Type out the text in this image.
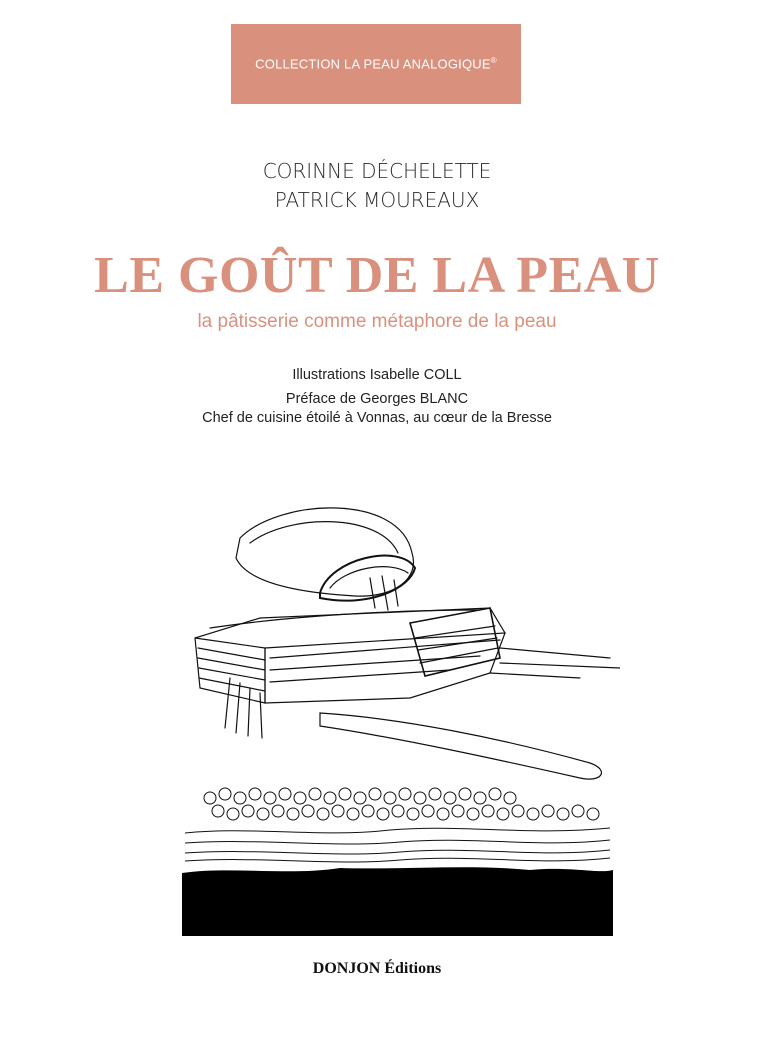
COLLECTION LA PEAU ANALOGIQUE®
CORINNE DÉCHELETTE
PATRICK MOUREAUX
LE GOÛT DE LA PEAU
la pâtisserie comme métaphore de la peau
Illustrations Isabelle COLL
Préface de Georges BLANC
Chef de cuisine étoilé à Vonnas, au cœur de la Bresse
DONJON Éditions
